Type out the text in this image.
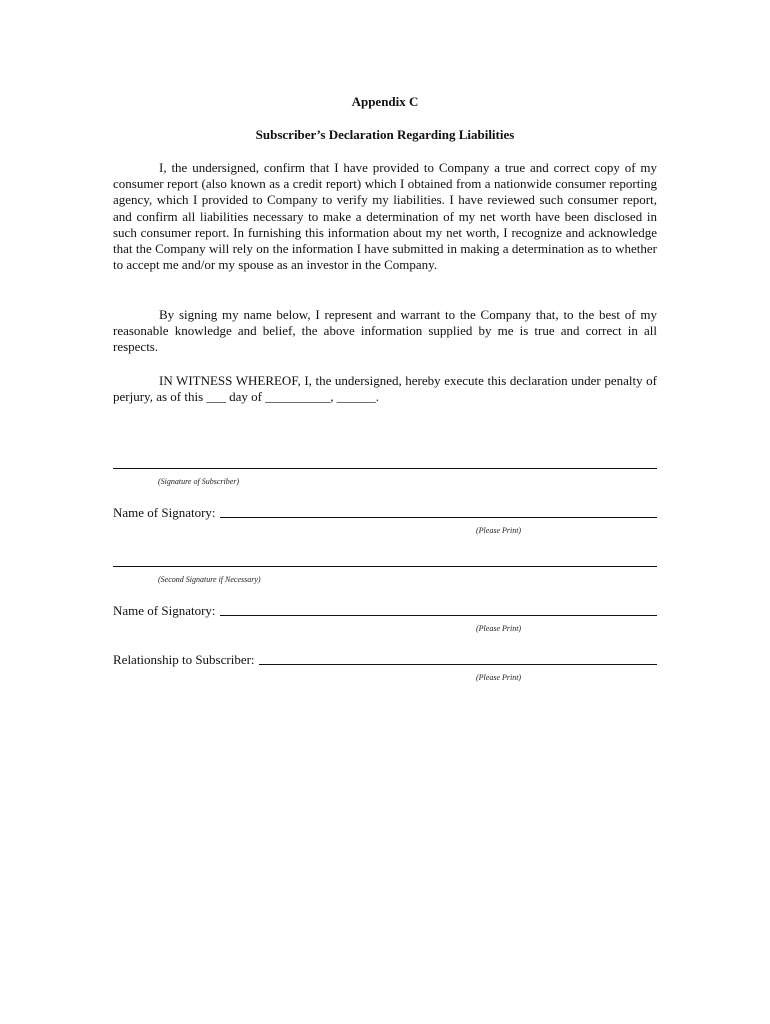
Appendix C
Subscriber’s Declaration Regarding Liabilities

I, the undersigned, confirm that I have provided to Company a true and correct copy of my consumer report (also known as a credit report) which I obtained from a nationwide consumer reporting agency, which I provided to Company to verify my liabilities. I have reviewed such consumer report, and confirm all liabilities necessary to make a determination of my net worth have been disclosed in such consumer report. In furnishing this information about my net worth, I recognize and acknowledge that the Company will rely on the information I have submitted in making a determination as to whether to accept me and/or my spouse as an investor in the Company.

By signing my name below, I represent and warrant to the Company that, to the best of my reasonable knowledge and belief, the above information supplied by me is true and correct in all respects.

IN WITNESS WHEREOF, I, the undersigned, hereby execute this declaration under penalty of perjury, as of this ___ day of __________, ______.

(Signature of Subscriber)
Name of Signatory:
(Please Print)
(Second Signature if Necessary)
Name of Signatory:
(Please Print)
Relationship to Subscriber:
(Please Print)
